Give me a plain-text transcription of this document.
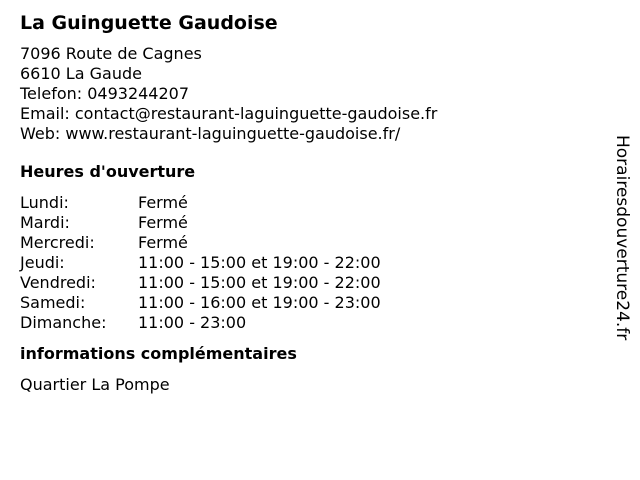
La Guinguette Gaudoise
7096 Route de Cagnes
6610 La Gaude
Telefon: 0493244207
Email: contact@restaurant-laguinguette-gaudoise.fr
Web: www.restaurant-laguinguette-gaudoise.fr/
Heures d'ouverture
Lundi:	Fermé
Mardi:	Fermé
Mercredi:	Fermé
Jeudi:	11:00 - 15:00 et 19:00 - 22:00
Vendredi:	11:00 - 15:00 et 19:00 - 22:00
Samedi:	11:00 - 16:00 et 19:00 - 23:00
Dimanche:	11:00 - 23:00
informations complémentaires
Quartier La Pompe
Horairesdouverture24.fr
